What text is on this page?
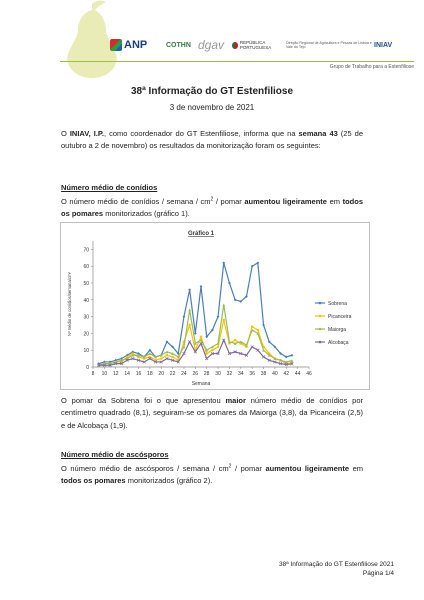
ANP	COTHN dgav	REPÚBLICA PORTUGUESA
Direção Regional de Agricultura e Pescas de Lisboa e Vale do Tejo	INIAV
Grupo de Trabalho para a Estenfiliose
38ª Informação do GT Estenfiliose
3 de novembro de 2021
O INIAV, I.P., como coordenador do GT Estenfiliose, informa que na semana 43 (25 de outubro a 2 de novembro) os resultados da monitorização foram os seguintes:
Número médio de conídios
O número médio de conídios / semana / $cm^2$ / pomar aumentou ligeiramente em todos os pomares monitorizados (gráfico 1).
Gráfico 1
0
10
20
30
40
50
60
70
8 10 12 14 16 18 20 22 24 26 28 30 32 34 36 38 40 42 44 46
Semana
Nº médio de conídios/semana/cm²	Sobrena
Picanceira
Maiorga
Alcobaça
O pomar da Sobrena foi o que apresentou maior número médio de conídios por centímetro quadrado (8,1), seguiram-se os pomares da Maiorga (3,8), da Picanceira (2,5) e de Alcobaça (1,9).
Número médio de ascósporos
O número médio de ascósporos / semana / $cm^2$ / pomar aumentou ligeiramente em todos os pomares monitorizados (gráfico 2).
38ª Informação do GT Estenfiliose 2021
Página 1/4
